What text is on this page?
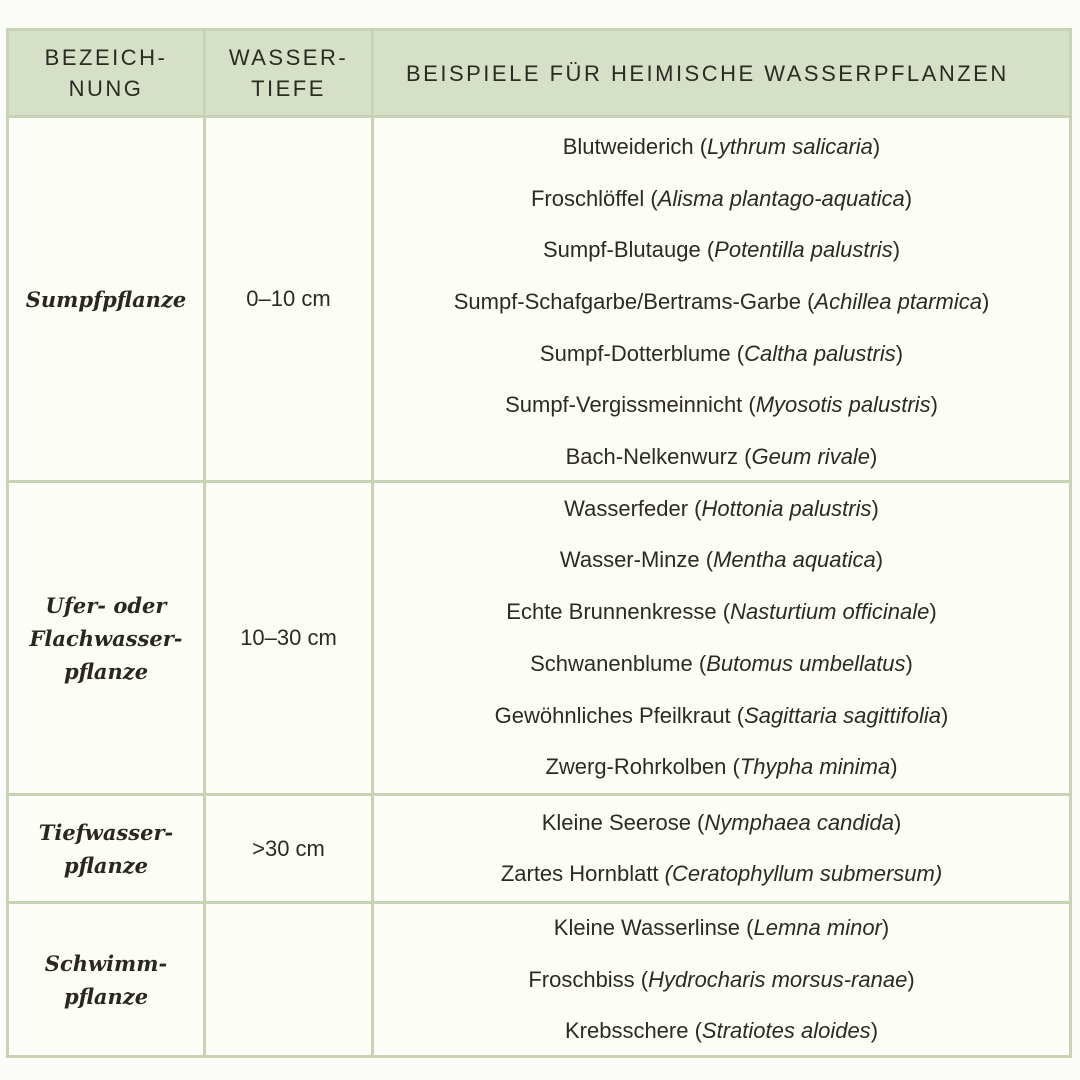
BEZEICH-
NUNG
WASSER-
TIEFE
BEISPIELE FÜR HEIMISCHE WASSERPFLANZEN
Sumpfpflanze	0–10 cm
Blutweiderich (Lythrum salicaria)
Froschlöffel (Alisma plantago-aquatica)
Sumpf-Blutauge (Potentilla palustris)
Sumpf-Schafgarbe/Bertrams-Garbe (Achillea ptarmica)
Sumpf-Dotterblume (Caltha palustris)
Sumpf-Vergissmeinnicht (Myosotis palustris)
Bach-Nelkenwurz (Geum rivale)
Ufer- oder
Flachwasser-
pflanze
10–30 cm
Wasserfeder (Hottonia palustris)
Wasser-Minze (Mentha aquatica)
Echte Brunnenkresse (Nasturtium officinale)
Schwanenblume (Butomus umbellatus)
Gewöhnliches Pfeilkraut (Sagittaria sagittifolia)
Zwerg-Rohrkolben (Thypha minima)
Tiefwasser-
pflanze
>30 cm
Kleine Seerose (Nymphaea candida)
Zartes Hornblatt (Ceratophyllum submersum)
Schwimm-
pflanze
Kleine Wasserlinse (Lemna minor)
Froschbiss (Hydrocharis morsus-ranae)
Krebsschere (Stratiotes aloides)
